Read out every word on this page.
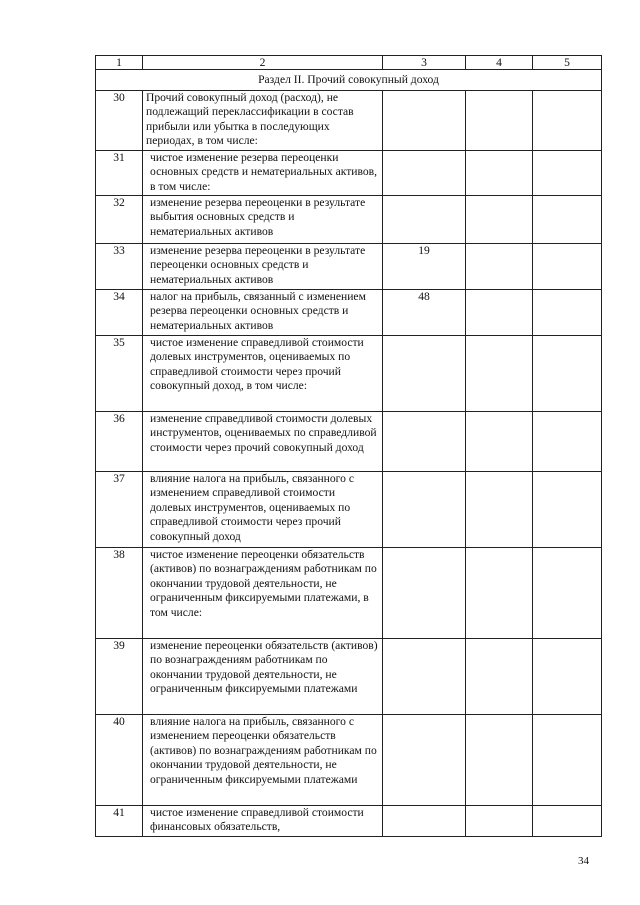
1	2	3	4	5
Раздел II. Прочий совокупный доход				
30	Прочий совокупный доход (расход), не подлежащий переклассификации в состав прибыли или убытка в последующих периодах, в том числе:			
31	чистое изменение резерва переоценки основных средств и нематериальных активов, в том числе:			
32	изменение резерва переоценки в результате выбытия основных средств и нематериальных активов			
33	изменение резерва переоценки в результате переоценки основных средств и нематериальных активов	19		
34	налог на прибыль, связанный с изменением резерва переоценки основных средств и нематериальных активов	48		
35	чистое изменение справедливой стоимости долевых инструментов, оцениваемых по справедливой стоимости через прочий совокупный доход, в том числе:			
36	изменение справедливой стоимости долевых инструментов, оцениваемых по справедливой стоимости через прочий совокупный доход			
37	влияние налога на прибыль, связанного с изменением справедливой стоимости долевых инструментов, оцениваемых по справедливой стоимости через прочий совокупный доход			
38	чистое изменение переоценки обязательств (активов) по вознаграждениям работникам по окончании трудовой деятельности, не ограниченным фиксируемыми платежами, в том числе:			
39	изменение переоценки обязательств (активов) по вознаграждениям работникам по окончании трудовой деятельности, не ограниченным фиксируемыми платежами			
40	влияние налога на прибыль, связанного с изменением переоценки обязательств (активов) по вознаграждениям работникам по окончании трудовой деятельности, не ограниченным фиксируемыми платежами			
41	чистое изменение справедливой стоимости финансовых обязательств,			
34
